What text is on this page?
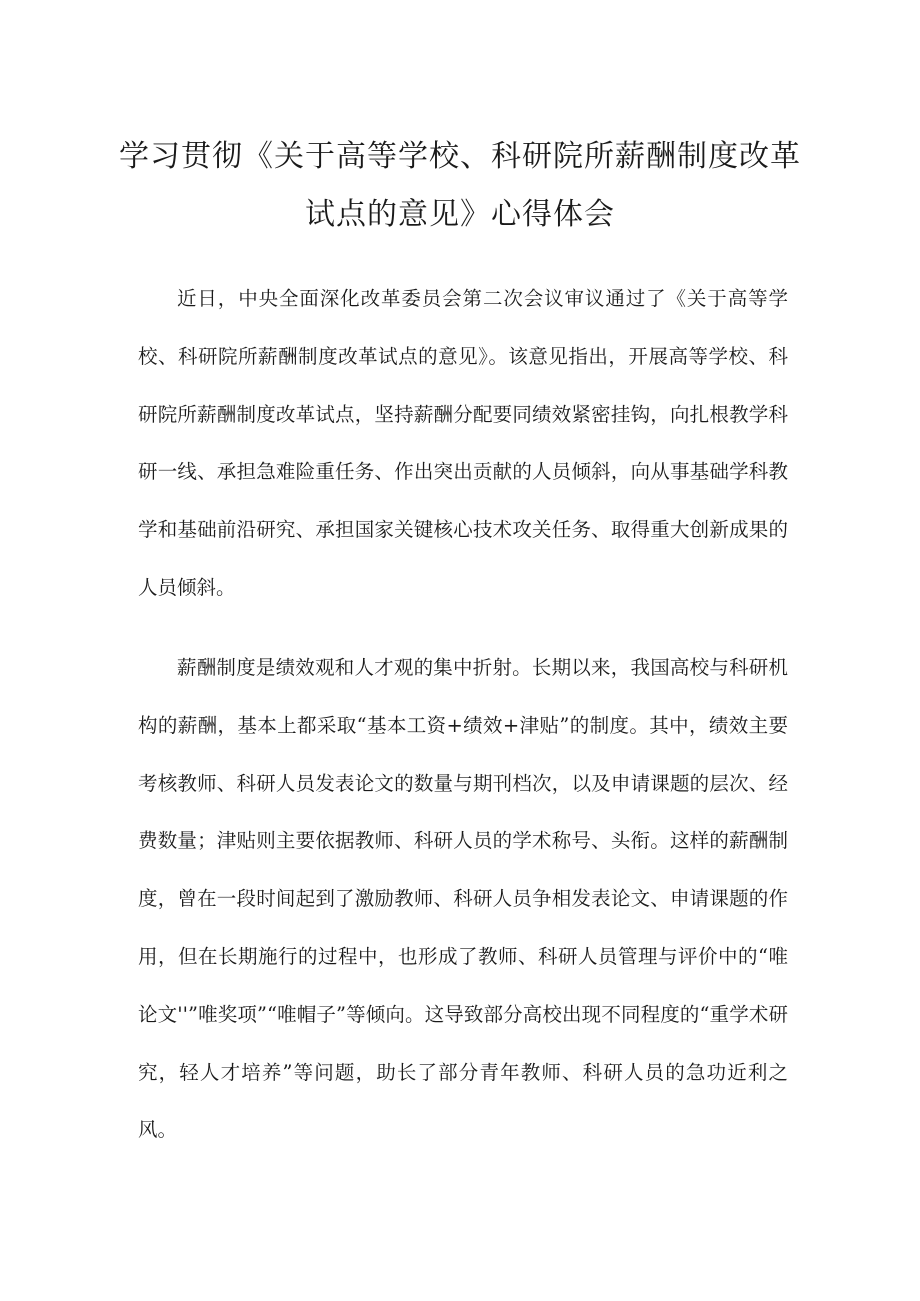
学习贯彻《关于高等学校、科研院所薪酬制度改革
试点的意见》心得体会

近日，中央全面深化改革委员会第二次会议审议通过了《关于高等学校、科研院所薪酬制度改革试点的意见》。该意见指出，开展高等学校、科研院所薪酬制度改革试点，坚持薪酬分配要同绩效紧密挂钩，向扎根教学科研一线、承担急难险重任务、作出突出贡献的人员倾斜，向从事基础学科教学和基础前沿研究、承担国家关键核心技术攻关任务、取得重大创新成果的人员倾斜。

薪酬制度是绩效观和人才观的集中折射。长期以来，我国高校与科研机构的薪酬，基本上都采取“基本工资+绩效+津贴”的制度。其中，绩效主要考核教师、科研人员发表论文的数量与期刊档次，以及申请课题的层次、经费数量；津贴则主要依据教师、科研人员的学术称号、头衔。这样的薪酬制度，曾在一段时间起到了激励教师、科研人员争相发表论文、申请课题的作用，但在长期施行的过程中，也形成了教师、科研人员管理与评价中的“唯论文''”唯奖项”“唯帽子”等倾向。这导致部分高校出现不同程度的“重学术研究，轻人才培养”等问题，助长了部分青年教师、科研人员的急功近利之风。
